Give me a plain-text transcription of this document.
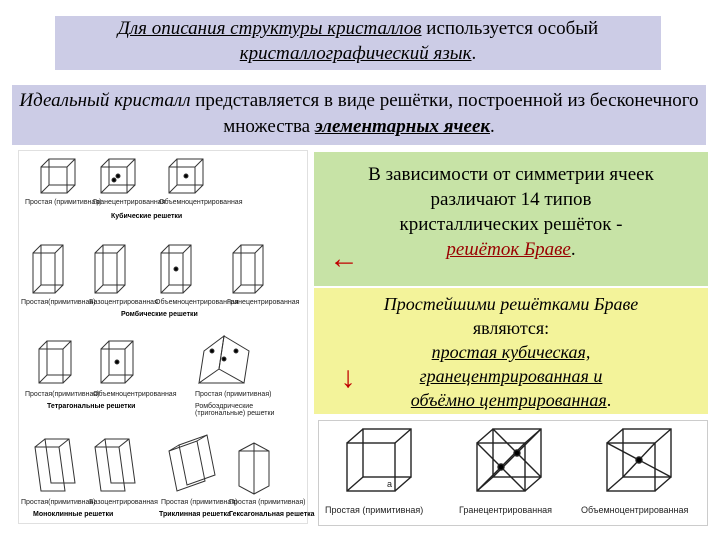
Для описания структуры кристаллов используется особый
кристаллографический язык.
Идеальный кристалл представляется в виде решётки, построенной из бесконечного множества элементарных ячеек.
Простая (примитивная)
Гранецентрированная
Объемноцентрированная
Кубические решетки
Простая(примитивная)
Базоцентрированная
Объемноцентрированная
Гранецентрированная
Ромбические решетки
Простая(примитивная)
Объемноцентрированная	Простая (примитивная)
Тетрагональные решетки	Ромбоэдрические (тригональные) решетки
Простая(примитивная)
Базоцентрированная Простая (примитивная)
Простая (примитивная)
Моноклинные решетки	Триклинная решетка
Гексагональная решетка
В зависимости от симметрии ячеек
различают 14 типов
кристаллических решёток -
решёток Браве.
←
Простейшими решётками Браве
являются:
простая кубическая,
гранецентрированная и
объёмно центрированная.
↓
a
Простая (примитивная)	Гранецентрированная	Объемноцентрированная
